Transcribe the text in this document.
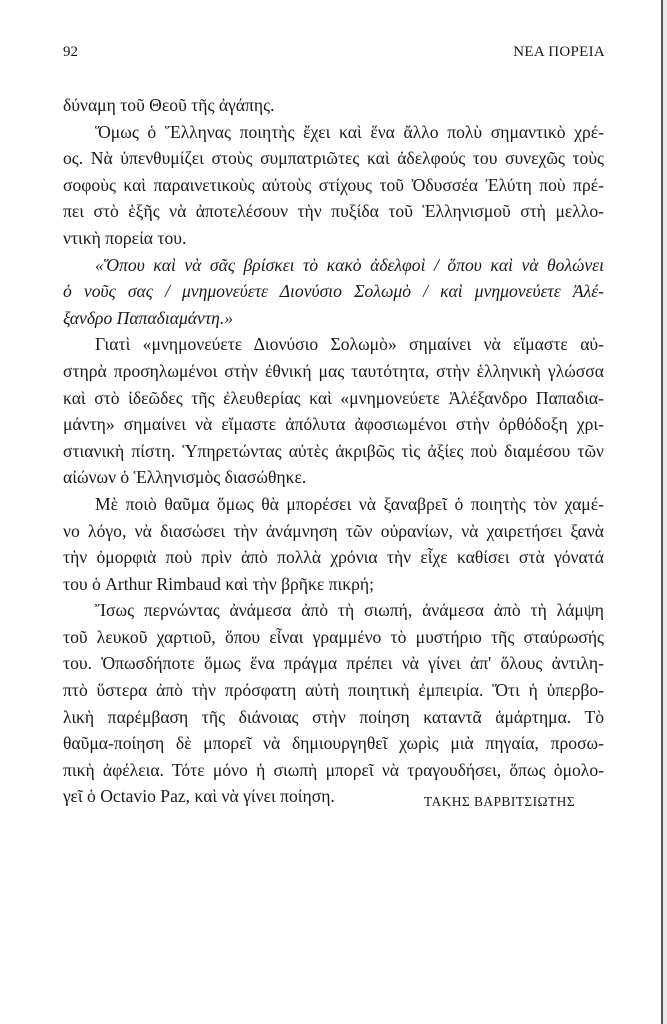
92	ΝΕΑ ΠΟΡΕΙΑ
δύναμη τοῦ Θεοῦ τῆς ἀγάπης.
Ὅμως ὁ Ἕλληνας ποιητὴς ἔχει καὶ ἕνα ἄλλο πολὺ σημαντικὸ χρέ-
ος. Νὰ ὑπενθυμίζει στοὺς συμπατριῶτες καὶ ἀδελφούς του συνεχῶς τοὺς
σοφοὺς καὶ παραινετικοὺς αὐτοὺς στίχους τοῦ Ὀδυσσέα Ἐλύτη ποὺ πρέ-
πει στὸ ἑξῆς νὰ ἀποτελέσουν τὴν πυξίδα τοῦ Ἑλληνισμοῦ στὴ μελλο-
ντικὴ πορεία του.
«Ὅπου καὶ νὰ σᾶς βρίσκει τὸ κακὸ ἀδελφοὶ / ὅπου καὶ νὰ θολώνει
ὁ νοῦς σας / μνημονεύετε Διονύσιο Σολωμὸ / καὶ μνημονεύετε Ἀλέ-
ξανδρο Παπαδιαμάντη.»
Γιατὶ «μνημονεύετε Διονύσιο Σολωμὸ» σημαίνει νὰ εἴμαστε αὐ-
στηρὰ προσηλωμένοι στὴν ἐθνική μας ταυτότητα, στὴν ἑλληνικὴ γλώσσα
καὶ στὸ ἰδεῶδες τῆς ἐλευθερίας καὶ «μνημονεύετε Ἀλέξανδρο Παπαδια-
μάντη» σημαίνει νὰ εἴμαστε ἀπόλυτα ἀφοσιωμένοι στὴν ὀρθόδοξη χρι-
στιανικὴ πίστη. Ὑπηρετώντας αὐτὲς ἀκριβῶς τὶς ἀξίες ποὺ διαμέσου τῶν
αἰώνων ὁ Ἑλληνισμὸς διασώθηκε.
Μὲ ποιὸ θαῦμα ὅμως θὰ μπορέσει νὰ ξαναβρεῖ ὁ ποιητὴς τὸν χαμέ-
νο λόγο, νὰ διασώσει τὴν ἀνάμνηση τῶν οὐρανίων, νὰ χαιρετήσει ξανὰ
τὴν ὀμορφιὰ ποὺ πρὶν ἀπὸ πολλὰ χρόνια τὴν εἶχε καθίσει στὰ γόνατά
του ὁ Arthur Rimbaud καὶ τὴν βρῆκε πικρή;
Ἴσως περνώντας ἀνάμεσα ἀπὸ τὴ σιωπή, ἀνάμεσα ἀπὸ τὴ λάμψη
τοῦ λευκοῦ χαρτιοῦ, ὅπου εἶναι γραμμένο τὸ μυστήριο τῆς σταύρωσής
του. Ὁπωσδήποτε ὅμως ἕνα πράγμα πρέπει νὰ γίνει ἀπ' ὅλους ἀντιλη-
πτὸ ὕστερα ἀπὸ τὴν πρόσφατη αὐτὴ ποιητικὴ ἐμπειρία. Ὅτι ἡ ὑπερβο-
λικὴ παρέμβαση τῆς διάνοιας στὴν ποίηση καταντᾶ ἁμάρτημα. Τὸ
θαῦμα-ποίηση δὲ μπορεῖ νὰ δημιουργηθεῖ χωρὶς μιὰ πηγαία, προσω-
πικὴ ἀφέλεια. Τότε μόνο ἡ σιωπὴ μπορεῖ νὰ τραγουδήσει, ὅπως ὁμολο-
γεῖ ὁ Octavio Paz, καὶ νὰ γίνει ποίηση.	ΤΑΚΗΣ ΒΑΡΒΙΤΣΙΩΤΗΣ
